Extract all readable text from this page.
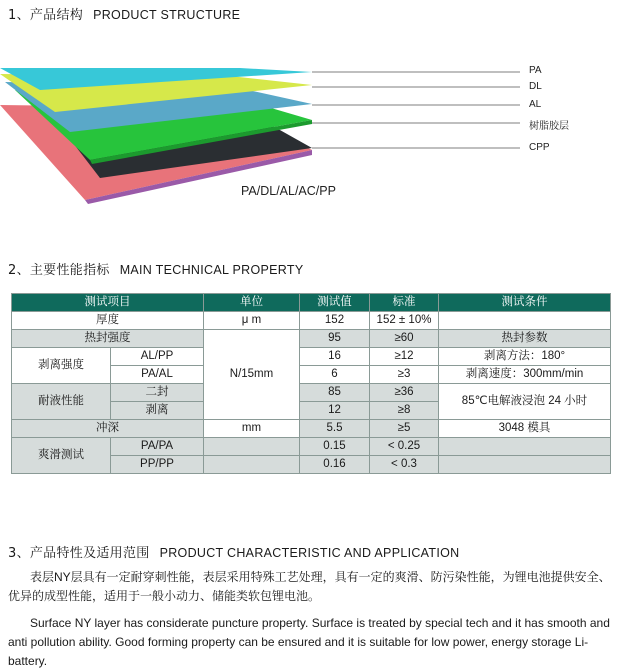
1、产品结构 PRODUCT STRUCTURE
PA
DL
AL
树脂胶层
CPP
PA/DL/AL/AC/PP
2、主要性能指标 MAIN TECHNICAL PROPERTY
测试项目		单位	测试值	标准	测试条件
厚度		μ m	152	152 ± 10%	
热封强度		N/15mm	95	≥60	热封参数
剥离强度	AL/PP		16	≥12	剥离方法：180°
	PA/AL		6	≥3	剥离速度：300mm/min
耐液性能	二封		85	≥36	85℃电解液浸泡 24 小时
	剥离		12	≥8	
冲深		mm	5.5	≥5	3048 模具
爽滑测试	PA/PA		0.15	< 0.25	
	PP/PP		0.16	< 0.3	
3、产品特性及适用范围 PRODUCT CHARACTERISTIC AND APPLICATION
表层NY层具有一定耐穿刺性能，表层采用特殊工艺处理，具有一定的爽滑、防污染性能，为锂电池提供安全、优异的成型性能，适用于一般小动力、储能类软包锂电池。
Surface NY layer has considerate puncture property. Surface is treated by special tech and it has smooth and anti pollution ability. Good forming property can be ensured and it is suitable for low power, energy storage Li-battery.
